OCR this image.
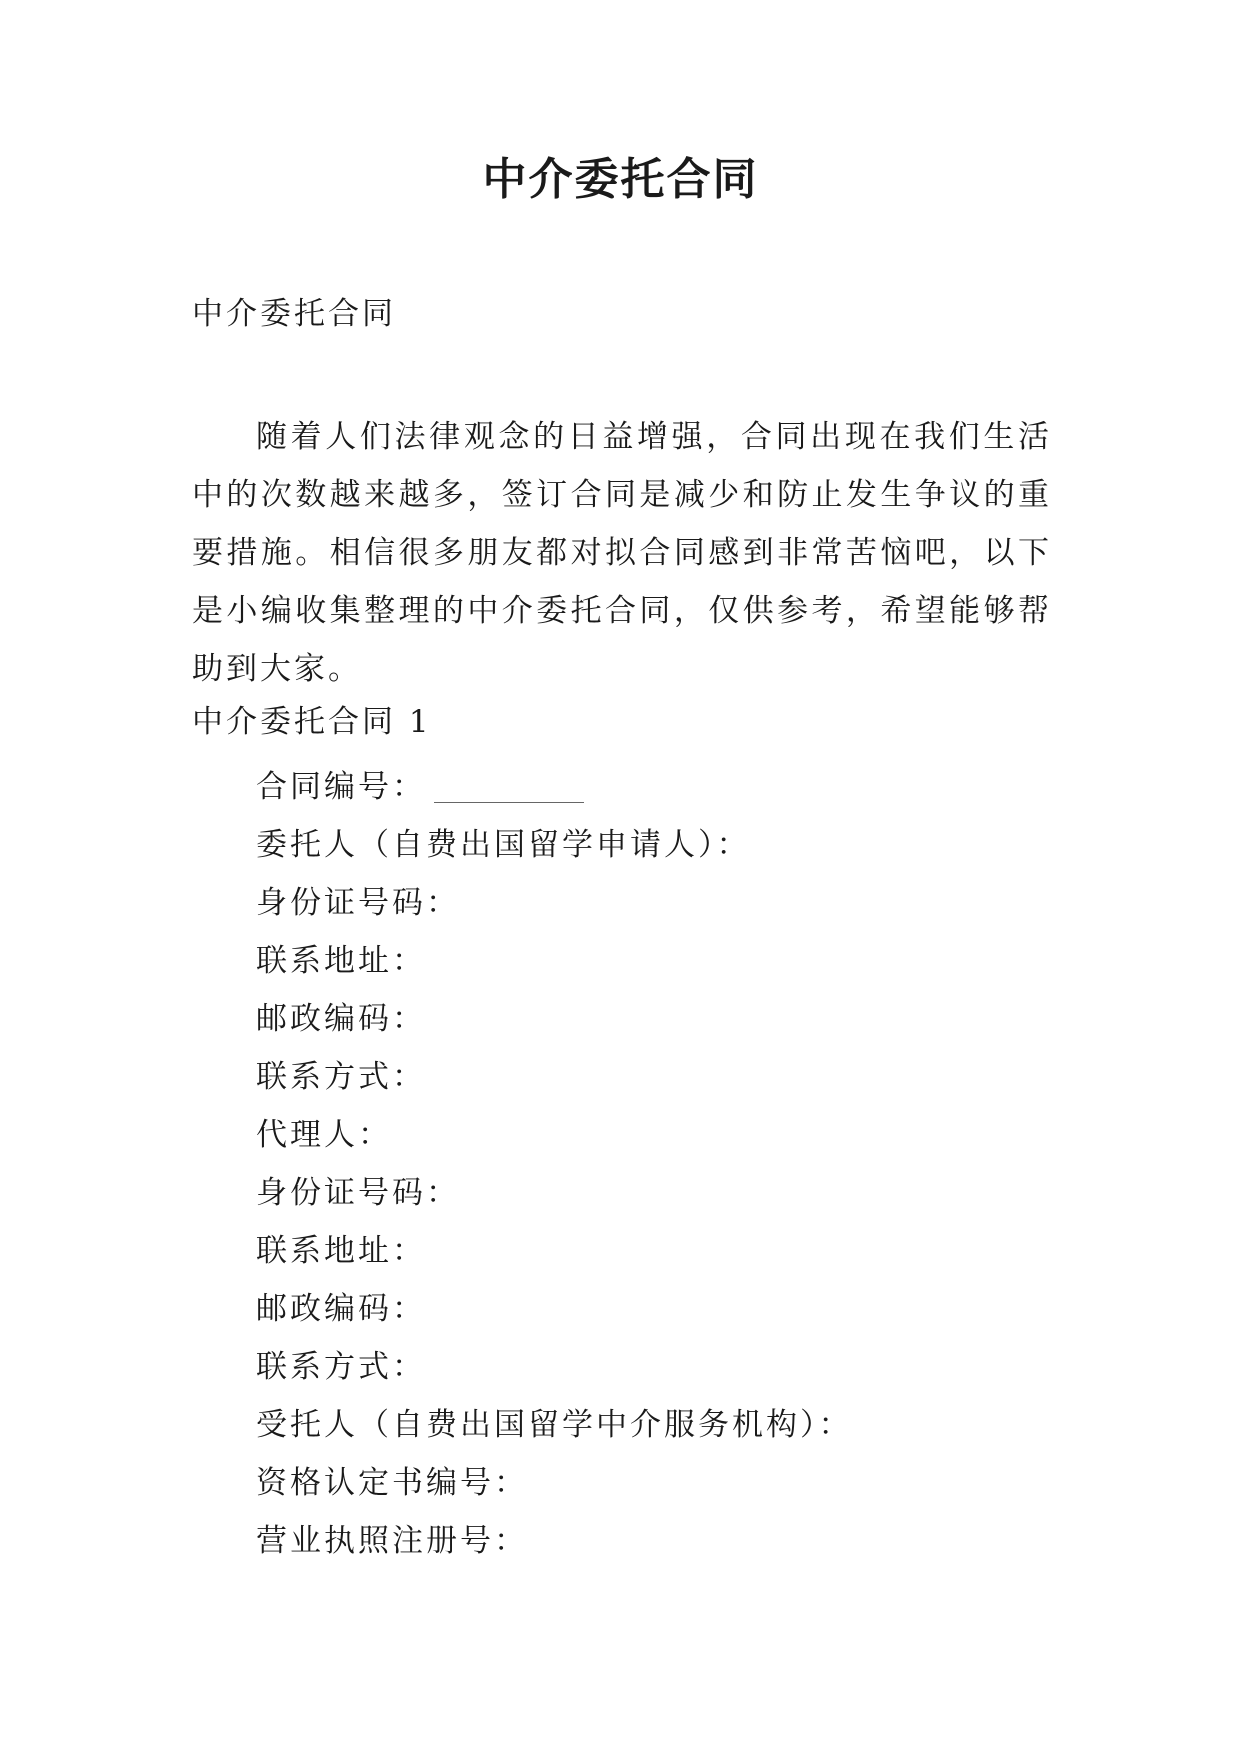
中介委托合同
中介委托合同
随着人们法律观念的日益增强，合同出现在我们生活中的次数越来越多，签订合同是减少和防止发生争议的重要措施。相信很多朋友都对拟合同感到非常苦恼吧，以下是小编收集整理的中介委托合同，仅供参考，希望能够帮助到大家。
中介委托合同 1
合同编号：
委托人（自费出国留学申请人）：
身份证号码：
联系地址：
邮政编码：
联系方式：
代理人：
身份证号码：
联系地址：
邮政编码：
联系方式：
受托人（自费出国留学中介服务机构）：
资格认定书编号：
营业执照注册号：
